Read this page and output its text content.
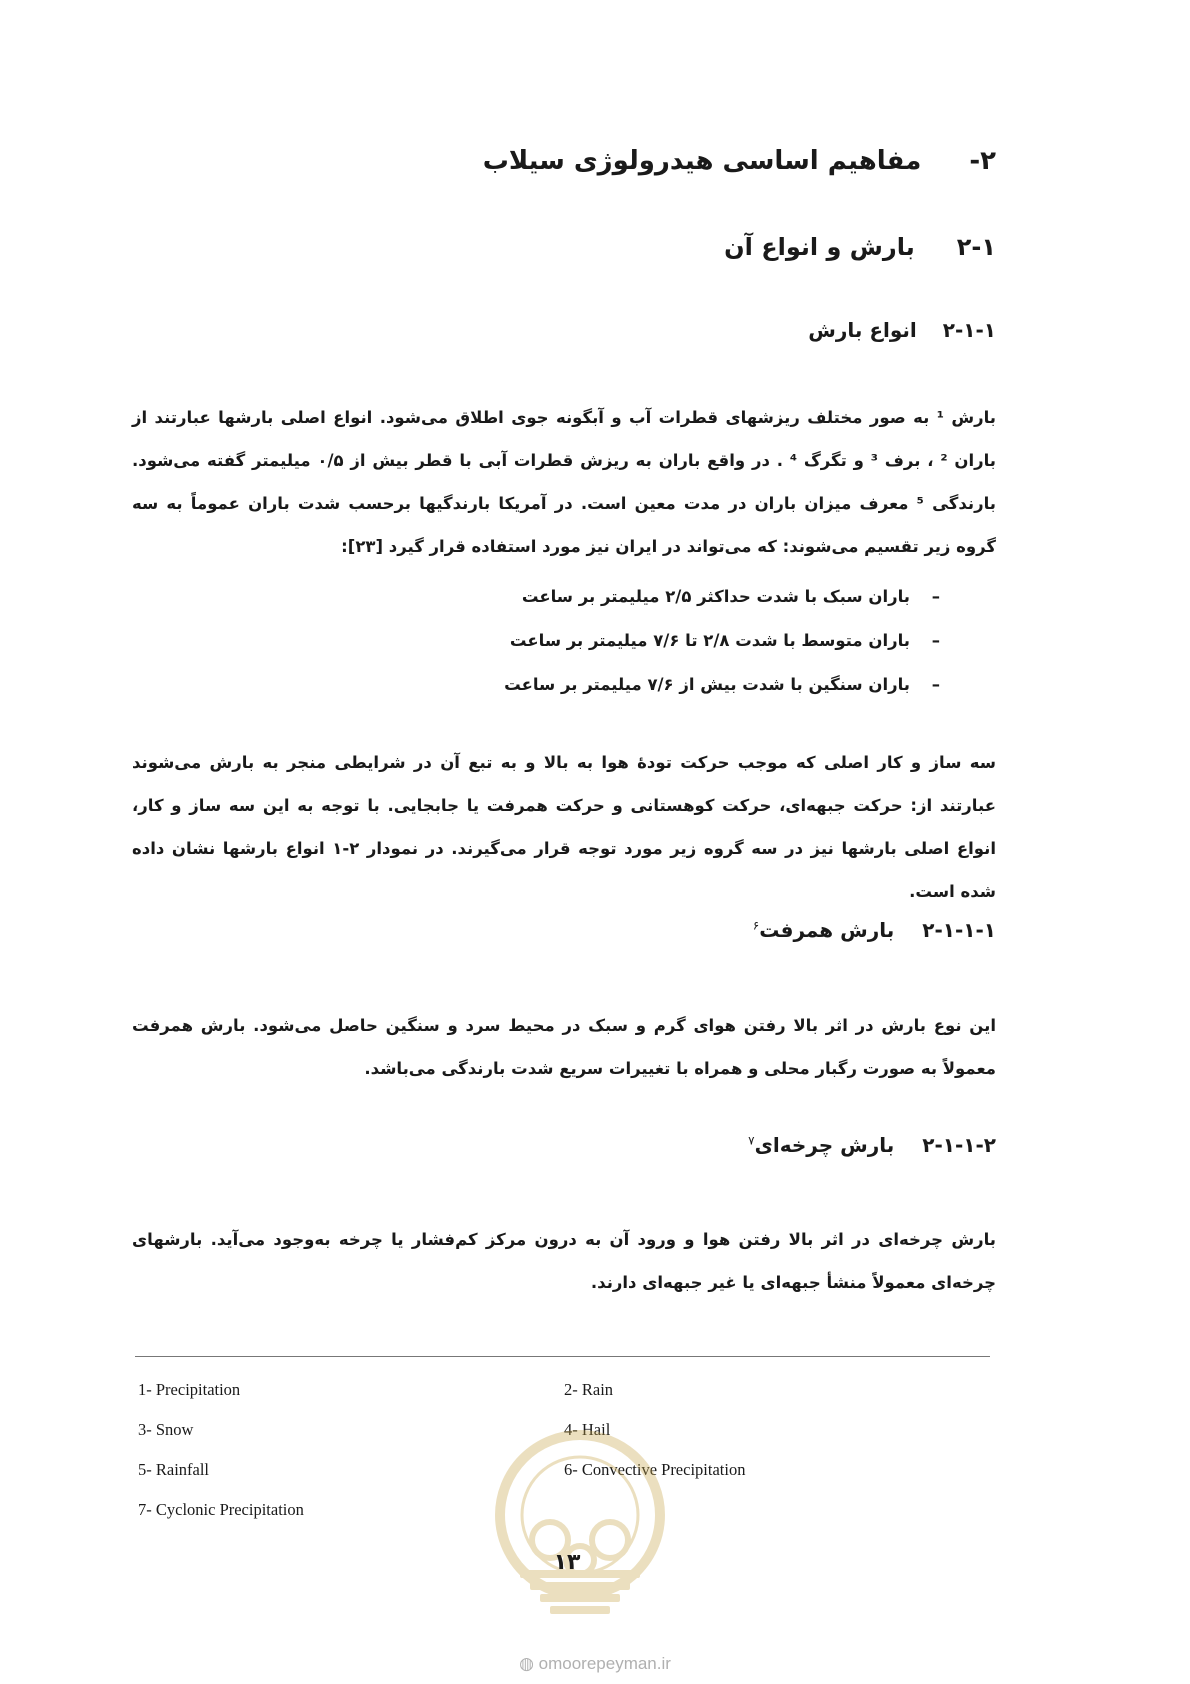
۲-مفاهیم اساسی هیدرولوژی سیلاب
۲-۱بارش و انواع آن
۲-۱-۱انواع بارش

بارش ¹ به صور مختلف ریزشهای قطرات آب و آبگونه جوی اطلاق می‌شود. انواع اصلی بارشها عبارتند از باران ² ، برف ³ و تگرگ ⁴ . در واقع باران به ریزش قطرات آبی با قطر بیش از ۰/۵ میلیمتر گفته می‌شود. بارندگی ⁵ معرف میزان باران در مدت معین است. در آمریکا بارندگیها برحسب شدت باران عموماً به سه گروه زیر تقسیم می‌شوند: که می‌تواند در ایران نیز مورد استفاده قرار گیرد [۲۳]:

–باران سبک با شدت حداکثر ۲/۵ میلیمتر بر ساعت
–باران متوسط با شدت ۲/۸ تا ۷/۶ میلیمتر بر ساعت
–باران سنگین با شدت بیش از ۷/۶ میلیمتر بر ساعت

سه ساز و کار اصلی که موجب حرکت تودهٔ هوا به بالا و به تبع آن در شرایطی منجر به بارش می‌شوند عبارتند از: حرکت جبهه‌ای، حرکت کوهستانی و حرکت همرفت یا جابجایی. با توجه به این سه ساز و کار، انواع اصلی بارشها نیز در سه گروه زیر مورد توجه قرار می‌گیرند. در نمودار ۲-۱ انواع بارشها نشان داده شده است.

۲-۱-۱-۱بارش همرفت$^۶$

این نوع بارش در اثر بالا رفتن هوای گرم و سبک در محیط سرد و سنگین حاصل می‌شود. بارش همرفت معمولاً به صورت رگبار محلی و همراه با تغییرات سریع شدت بارندگی می‌باشد.

۲-۱-۱-۲بارش چرخه‌ای$^۷$

بارش چرخه‌ای در اثر بالا رفتن هوا و ورود آن به درون مرکز کم‌فشار یا چرخه به‌وجود می‌آید. بارشهای چرخه‌ای معمولاً منشأ جبهه‌ای یا غیر جبهه‌ای دارند.

1- Precipitation	2- Rain
3- Snow	4- Hail
5- Rainfall	6- Convective Precipitation
7- Cyclonic Precipitation
۱۳
◍ omoorepeyman.ir
